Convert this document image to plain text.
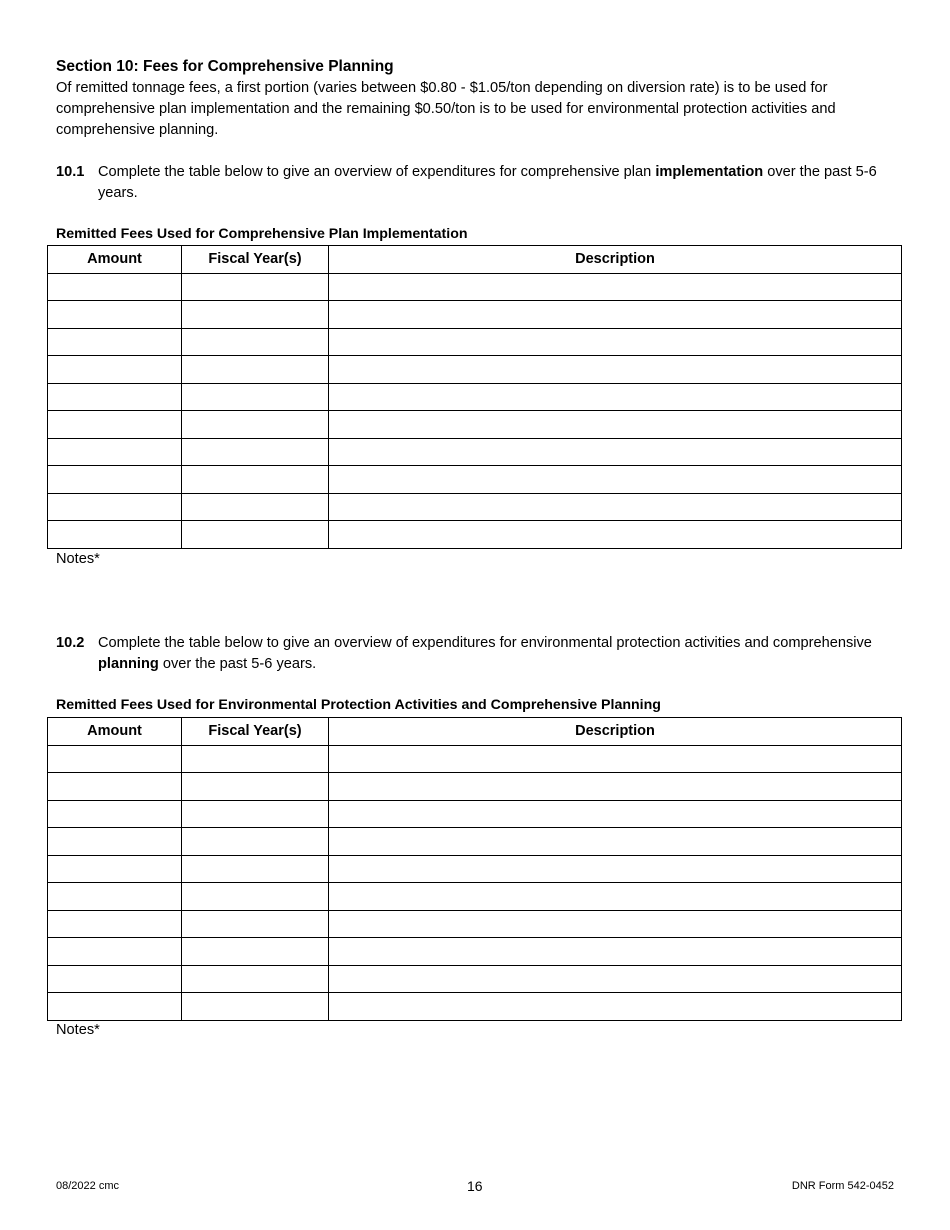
Section 10: Fees for Comprehensive Planning
Of remitted tonnage fees, a first portion (varies between $0.80 - $1.05/ton depending on diversion rate) is to be used for comprehensive plan implementation and the remaining $0.50/ton is to be used for environmental protection activities and comprehensive planning.
10.1 Complete the table below to give an overview of expenditures for comprehensive plan implementation over the past 5-6 years.
Remitted Fees Used for Comprehensive Plan Implementation
Amount	Fiscal Year(s)	Description

Notes*
10.2 Complete the table below to give an overview of expenditures for environmental protection activities and comprehensive planning over the past 5-6 years.
Remitted Fees Used for Environmental Protection Activities and Comprehensive Planning
Amount	Fiscal Year(s)	Description

Notes*
08/2022 cmc	16	DNR Form 542-0452
